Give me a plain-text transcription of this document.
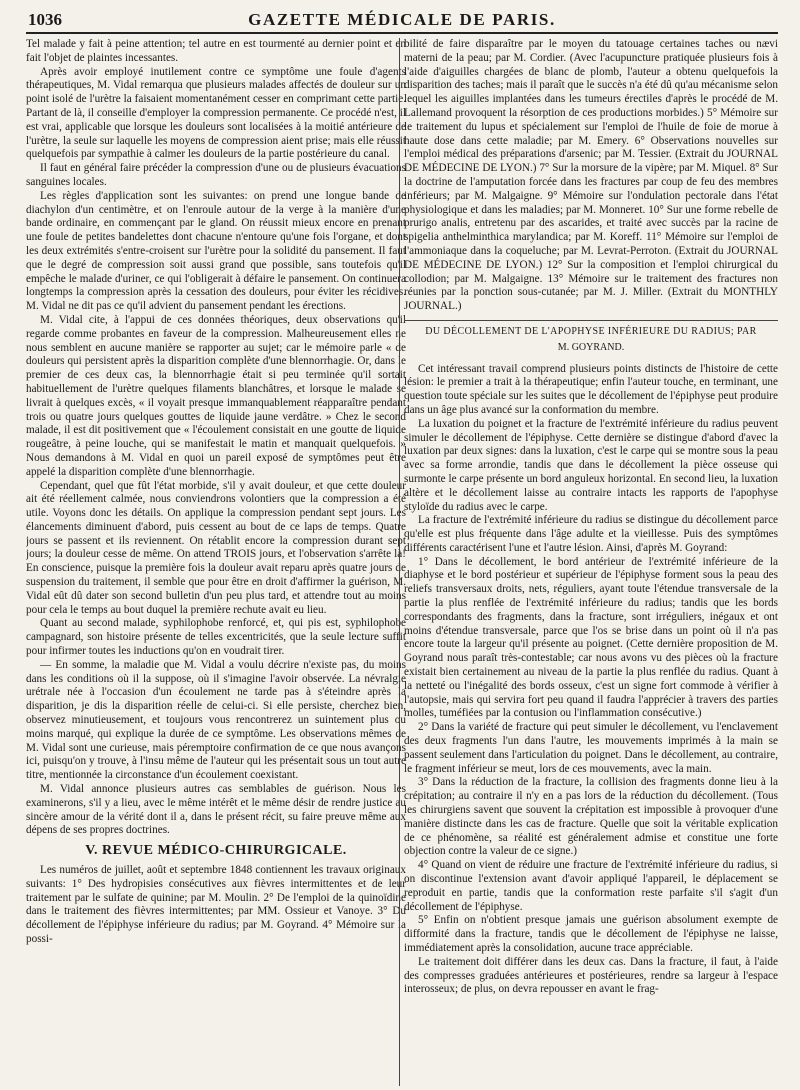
1036	GAZETTE MÉDICALE DE PARIS.

Tel malade y fait à peine attention; tel autre en est tourmenté au dernier point et en fait l'objet de plaintes incessantes.

Après avoir employé inutilement contre ce symptôme une foule d'agents thérapeutiques, M. Vidal remarqua que plusieurs malades affectés de douleur sur un point isolé de l'urètre la faisaient momentanément cesser en comprimant cette partie. Partant de là, il conseille d'employer la compression permanente. Ce procédé n'est, il est vrai, applicable que lorsque les douleurs sont localisées à la moitié antérieure de l'urètre, la seule sur laquelle les moyens de compression aient prise; mais elle réussit quelquefois par sympathie à calmer les douleurs de la partie postérieure du canal.

Il faut en général faire précéder la compression d'une ou de plusieurs évacuations sanguines locales.

Les règles d'application sont les suivantes: on prend une longue bande de diachylon d'un centimètre, et on l'enroule autour de la verge à la manière d'une bande ordinaire, en commençant par le gland. On réussit mieux encore en prenant une foule de petites bandelettes dont chacune n'entoure qu'une fois l'organe, et dont les deux extrémités s'entre-croisent sur l'urètre pour la solidité du pansement. Il faut que le degré de compression soit aussi grand que possible, sans toutefois qu'il empêche le malade d'uriner, ce qui l'obligerait à défaire le pansement. On continuera longtemps la compression après la cessation des douleurs, pour éviter les récidives. M. Vidal ne dit pas ce qu'il advient du pansement pendant les érections.

M. Vidal cite, à l'appui de ces données théoriques, deux observations qu'il regarde comme probantes en faveur de la compression. Malheureusement elles ne nous semblent en aucune manière se rapporter au sujet; car le mémoire parle « de douleurs qui persistent après la disparition complète d'une blennorrhagie. Or, dans le premier de ces deux cas, la blennorrhagie était si peu terminée qu'il sortait habituellement de l'urètre quelques filaments blanchâtres, et lorsque le malade se livrait à quelques excès, « il voyait presque immanquablement réapparaître pendant trois ou quatre jours quelques gouttes de liquide jaune verdâtre. » Chez le second malade, il est dit positivement que « l'écoulement consistait en une goutte de liquide rougeâtre, à peine louche, qui se manifestait le matin et manquait quelquefois. » Nous demandons à M. Vidal en quoi un pareil exposé de symptômes peut être appelé la disparition complète d'une blennorrhagie.

Cependant, quel que fût l'état morbide, s'il y avait douleur, et que cette douleur ait été réellement calmée, nous conviendrons volontiers que la compression a été utile. Voyons donc les détails. On applique la compression pendant sept jours. Les élancements diminuent d'abord, puis cessent au bout de ce laps de temps. Quatre jours se passent et ils reviennent. On rétablit encore la compression durant sept jours; la douleur cesse de même. On attend TROIS jours, et l'observation s'arrête là! En conscience, puisque la première fois la douleur avait reparu après quatre jours de suspension du traitement, il semble que pour être en droit d'affirmer la guérison, M. Vidal eût dû dater son second bulletin d'un peu plus tard, et attendre tout au moins pour cela le temps au bout duquel la première rechute avait eu lieu.

Quant au second malade, syphilophobe renforcé, et, qui pis est, syphilophobe campagnard, son histoire présente de telles excentricités, que la seule lecture suffit pour infirmer toutes les inductions qu'on en voudrait tirer.

— En somme, la maladie que M. Vidal a voulu décrire n'existe pas, du moins dans les conditions où il la suppose, où il s'imagine l'avoir observée. La névralgie urétrale née à l'occasion d'un écoulement ne tarde pas à s'éteindre après la disparition, je dis la disparition réelle de celui-ci. Si elle persiste, cherchez bien, observez minutieusement, et toujours vous rencontrerez un suintement plus ou moins marqué, qui explique la durée de ce symptôme. Les observations mêmes de M. Vidal sont une curieuse, mais péremptoire confirmation de ce que nous avançons ici, puisqu'on y trouve, à l'insu même de l'auteur qui les présentait sous un tout autre titre, mentionnée la circonstance d'un écoulement coexistant.

M. Vidal annonce plusieurs autres cas semblables de guérison. Nous les examinerons, s'il y a lieu, avec le même intérêt et le même désir de rendre justice au sincère amour de la vérité dont il a, dans le présent récit, su faire preuve même aux dépens de ses propres doctrines.

V. REVUE MÉDICO-CHIRURGICALE.

Les numéros de juillet, août et septembre 1848 contiennent les travaux originaux suivants: 1° Des hydropisies consécutives aux fièvres intermittentes et de leur traitement par le sulfate de quinine; par M. Moulin. 2° De l'emploi de la quinoïdine dans le traitement des fièvres intermittentes; par MM. Ossieur et Vanoye. 3° Du décollement de l'épiphyse inférieure du radius; par M. Goyrand. 4° Mémoire sur la possi-

bilité de faire disparaître par le moyen du tatouage certaines taches ou nævi materni de la peau; par M. Cordier. (Avec l'acupuncture pratiquée plusieurs fois à l'aide d'aiguilles chargées de blanc de plomb, l'auteur a obtenu quelquefois la disparition des taches; mais il paraît que le succès n'a été dû qu'au mécanisme selon lequel les aiguilles implantées dans les tumeurs érectiles d'après le procédé de M. Lallemand provoquent la résorption de ces productions morbides.) 5° Mémoire sur le traitement du lupus et spécialement sur l'emploi de l'huile de foie de morue à haute dose dans cette maladie; par M. Emery. 6° Observations nouvelles sur l'emploi médical des préparations d'arsenic; par M. Tessier. (Extrait du JOURNAL DE MÉDECINE DE LYON.) 7° Sur la morsure de la vipère; par M. Miquel. 8° Sur la doctrine de l'amputation forcée dans les fractures par coup de feu des membres inférieurs; par M. Malgaigne. 9° Mémoire sur l'ondulation pectorale dans l'état physiologique et dans les maladies; par M. Monneret. 10° Sur une forme rebelle de prurigo analis, entretenu par des ascarides, et traité avec succès par la racine de spigelia anthelminthica marylandica; par M. Koreff. 11° Mémoire sur l'emploi de l'ammoniaque dans la coqueluche; par M. Levrat-Perroton. (Extrait du JOURNAL DE MÉDECINE DE LYON.) 12° Sur la composition et l'emploi chirurgical du collodion; par M. Malgaigne. 13° Mémoire sur le traitement des fractures non réunies par la ponction sous-cutanée; par M. J. Miller. (Extrait du MONTHLY JOURNAL.)

DU DÉCOLLEMENT DE L'APOPHYSE INFÉRIEURE DU RADIUS; PAR
M. GOYRAND.

Cet intéressant travail comprend plusieurs points distincts de l'histoire de cette lésion: le premier a trait à la thérapeutique; enfin l'auteur touche, en terminant, une question toute spéciale sur les suites que le décollement de l'épiphyse peut produire dans un âge plus avancé sur la conformation du membre.

La luxation du poignet et la fracture de l'extrémité inférieure du radius peuvent simuler le décollement de l'épiphyse. Cette dernière se distingue d'abord d'avec la luxation par deux signes: dans la luxation, c'est le carpe qui se montre sous la peau avec sa forme arrondie, tandis que dans le décollement la pièce osseuse qui surmonte le carpe présente un bord anguleux horizontal. En second lieu, la luxation altère et le décollement laisse au contraire intacts les rapports de l'apophyse styloïde du radius avec le carpe.

La fracture de l'extrémité inférieure du radius se distingue du décollement parce qu'elle est plus fréquente dans l'âge adulte et la vieillesse. Puis des symptômes différents caractérisent l'une et l'autre lésion. Ainsi, d'après M. Goyrand:

1° Dans le décollement, le bord antérieur de l'extrémité inférieure de la diaphyse et le bord postérieur et supérieur de l'épiphyse forment sous la peau des reliefs transversaux droits, nets, réguliers, ayant toute l'étendue transversale de la partie la plus renflée de l'extrémité inférieure du radius; tandis que les bords correspondants des fragments, dans la fracture, sont irréguliers, inégaux et ont moins d'étendue transversale, parce que l'os se brise dans un point où il n'a pas encore toute la largeur qu'il présente au poignet. (Cette dernière proposition de M. Goyrand nous paraît très-contestable; car nous avons vu des pièces où la fracture existait bien certainement au niveau de la partie la plus renflée du radius. Quant à la netteté ou l'inégalité des bords osseux, c'est un signe fort commode à vérifier à l'autopsie, mais qui servira fort peu quand il faudra l'apprécier à travers des parties molles, tuméfiées par la contusion ou l'inflammation consécutive.)

2° Dans la variété de fracture qui peut simuler le décollement, vu l'enclavement des deux fragments l'un dans l'autre, les mouvements imprimés à la main se passent seulement dans l'articulation du poignet. Dans le décollement, au contraire, le fragment inférieur se meut, lors de ces mouvements, avec la main.

3° Dans la réduction de la fracture, la collision des fragments donne lieu à la crépitation; au contraire il n'y en a pas lors de la réduction du décollement. (Tous les chirurgiens savent que souvent la crépitation est impossible à provoquer d'une manière distincte dans les cas de fracture. Quelle que soit la véritable explication de ce phénomène, sa réalité est généralement admise et constitue une forte objection contre la valeur de ce signe.)

4° Quand on vient de réduire une fracture de l'extrémité inférieure du radius, si on discontinue l'extension avant d'avoir appliqué l'appareil, le déplacement se reproduit en partie, tandis que la conformation reste parfaite s'il s'agit d'un décollement de l'épiphyse.

5° Enfin on n'obtient presque jamais une guérison absolument exempte de difformité dans la fracture, tandis que le décollement de l'épiphyse ne laisse, immédiatement après la consolidation, aucune trace appréciable.

Le traitement doit différer dans les deux cas. Dans la fracture, il faut, à l'aide des compresses graduées antérieures et postérieures, rendre sa largeur à l'espace interosseux; de plus, on devra repousser en avant le frag-
